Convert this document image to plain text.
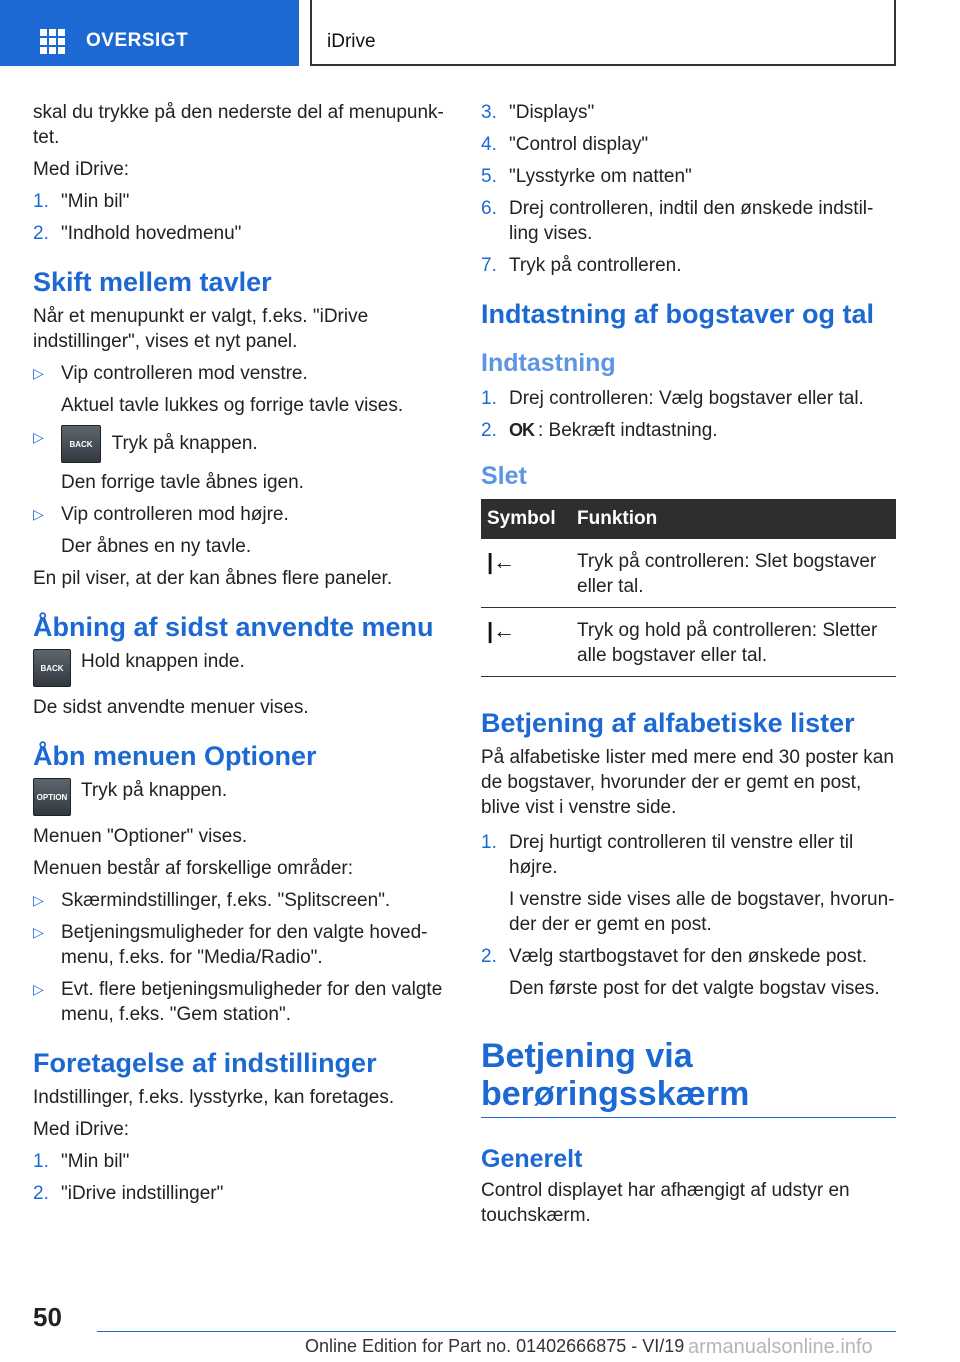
OVERSIGT	iDrive

skal du trykke på den nederste del af menupunk‐tet.

Med iDrive:

1. "Min bil"
2. "Indhold hovedmenu"
Skift mellem tavler

Når et menupunkt er valgt, f.eks. "iDrive indstillinger", vises et nyt panel.

▷ Vip controlleren mod venstre.
Aktuel tavle lukkes og forrige tavle vises.
▷	BACK Tryk på knappen.
Den forrige tavle åbnes igen.
▷ Vip controlleren mod højre.
Der åbnes en ny tavle.

En pil viser, at der kan åbnes flere paneler.

Åbning af sidst anvendte menu
BACK Hold knappen inde.

De sidst anvendte menuer vises.

Åbn menuen Optioner
OPTION Tryk på knappen.

Menuen "Optioner" vises.

Menuen består af forskellige områder:

▷ Skærmindstillinger, f.eks. "Splitscreen".
▷ Betjeningsmuligheder for den valgte hoved‐menu, f.eks. for "Media/Radio".
▷ Evt. flere betjeningsmuligheder for den valgte menu, f.eks. "Gem station".
Foretagelse af indstillinger

Indstillinger, f.eks. lysstyrke, kan foretages.

Med iDrive:

1. "Min bil"
2. "iDrive indstillinger"
3. "Displays"
4. "Control display"
5. "Lysstyrke om natten"
6. Drej controlleren, indtil den ønskede indstil‐ling vises.
7. Tryk på controlleren.
Indtastning af bogstaver og tal
Indtastning
1. Drej controlleren: Vælg bogstaver eller tal.
2. OK : Bekræft indtastning.
Slet
Symbol	Funktion
|←	Tryk på controlleren: Slet bogstaver eller tal.
|←	Tryk og hold på controlleren: Sletter alle bogstaver eller tal.
Betjening af alfabetiske lister

På alfabetiske lister med mere end 30 poster kan de bogstaver, hvorunder der er gemt en post, blive vist i venstre side.

1. Drej hurtigt controlleren til venstre eller til højre.
I venstre side vises alle de bogstaver, hvorun‐der der er gemt en post.
2. Vælg startbogstavet for den ønskede post.
Den første post for det valgte bogstav vises.
Betjening via berøringsskærm
Generelt

Control displayet har afhængigt af udstyr en touchskærm.

50
Online Edition for Part no. 01402666875 - VI/19 armanualsonline.info
